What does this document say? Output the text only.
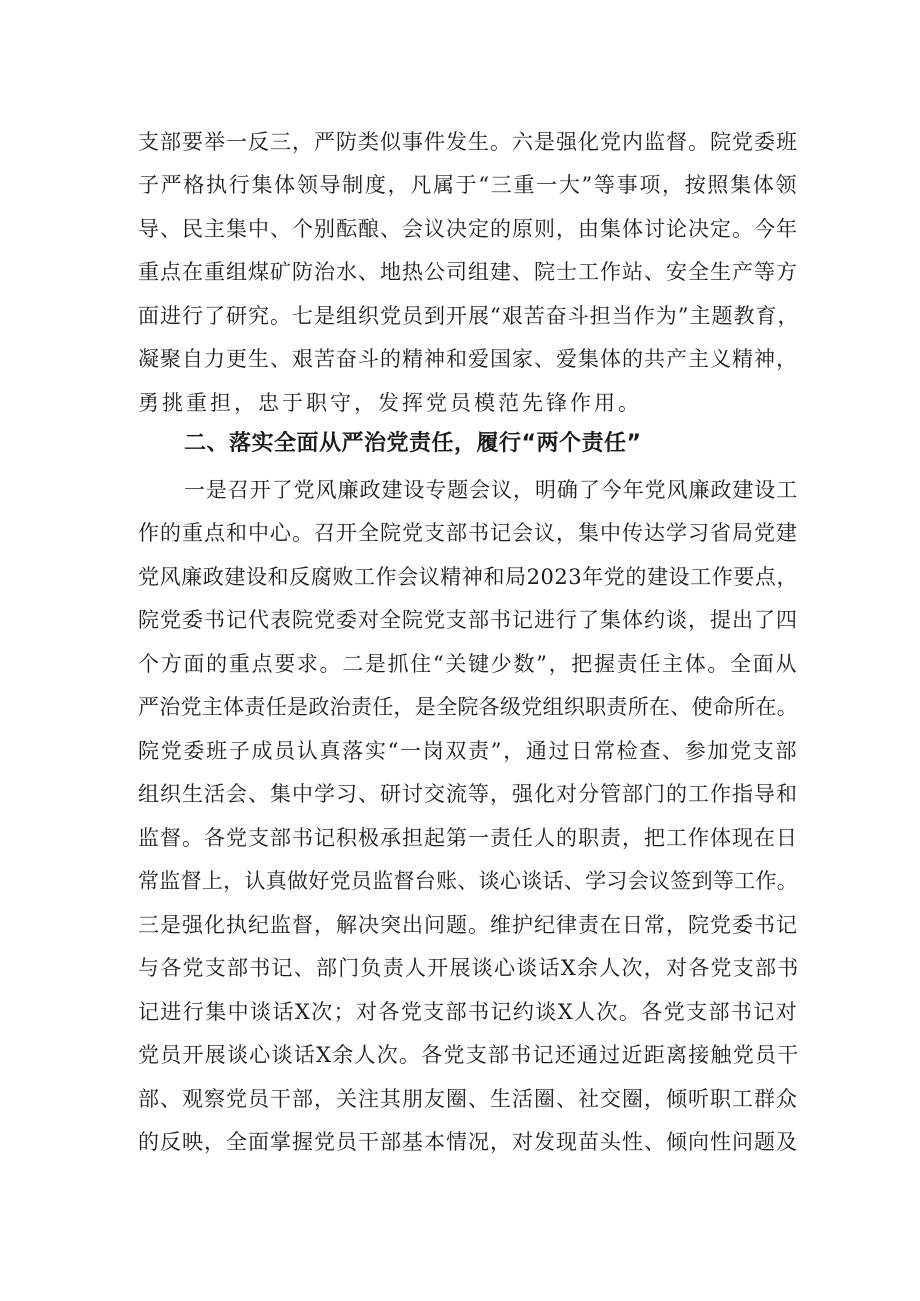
支部要举一反三，严防类似事件发生。六是强化党内监督。院党委班
子严格执行集体领导制度，凡属于“三重一大”等事项，按照集体领
导、民主集中、个别酝酿、会议决定的原则，由集体讨论决定。今年
重点在重组煤矿防治水、地热公司组建、院士工作站、安全生产等方
面进行了研究。七是组织党员到开展“艰苦奋斗担当作为”主题教育，
凝聚自力更生、艰苦奋斗的精神和爱国家、爱集体的共产主义精神，
勇挑重担，忠于职守，发挥党员模范先锋作用。
二、落实全面从严治党责任，履行“两个责任”
一是召开了党风廉政建设专题会议，明确了今年党风廉政建设工
作的重点和中心。召开全院党支部书记会议，集中传达学习省局党建
党风廉政建设和反腐败工作会议精神和局2023年党的建设工作要点，
院党委书记代表院党委对全院党支部书记进行了集体约谈，提出了四
个方面的重点要求。二是抓住“关键少数”，把握责任主体。全面从
严治党主体责任是政治责任，是全院各级党组织职责所在、使命所在。
院党委班子成员认真落实“一岗双责”，通过日常检查、参加党支部
组织生活会、集中学习、研讨交流等，强化对分管部门的工作指导和
监督。各党支部书记积极承担起第一责任人的职责，把工作体现在日
常监督上，认真做好党员监督台账、谈心谈话、学习会议签到等工作。
三是强化执纪监督，解决突出问题。维护纪律责在日常，院党委书记
与各党支部书记、部门负责人开展谈心谈话X余人次，对各党支部书
记进行集中谈话X次；对各党支部书记约谈X人次。各党支部书记对
党员开展谈心谈话X余人次。各党支部书记还通过近距离接触党员干
部、观察党员干部，关注其朋友圈、生活圈、社交圈，倾听职工群众
的反映，全面掌握党员干部基本情况，对发现苗头性、倾向性问题及
